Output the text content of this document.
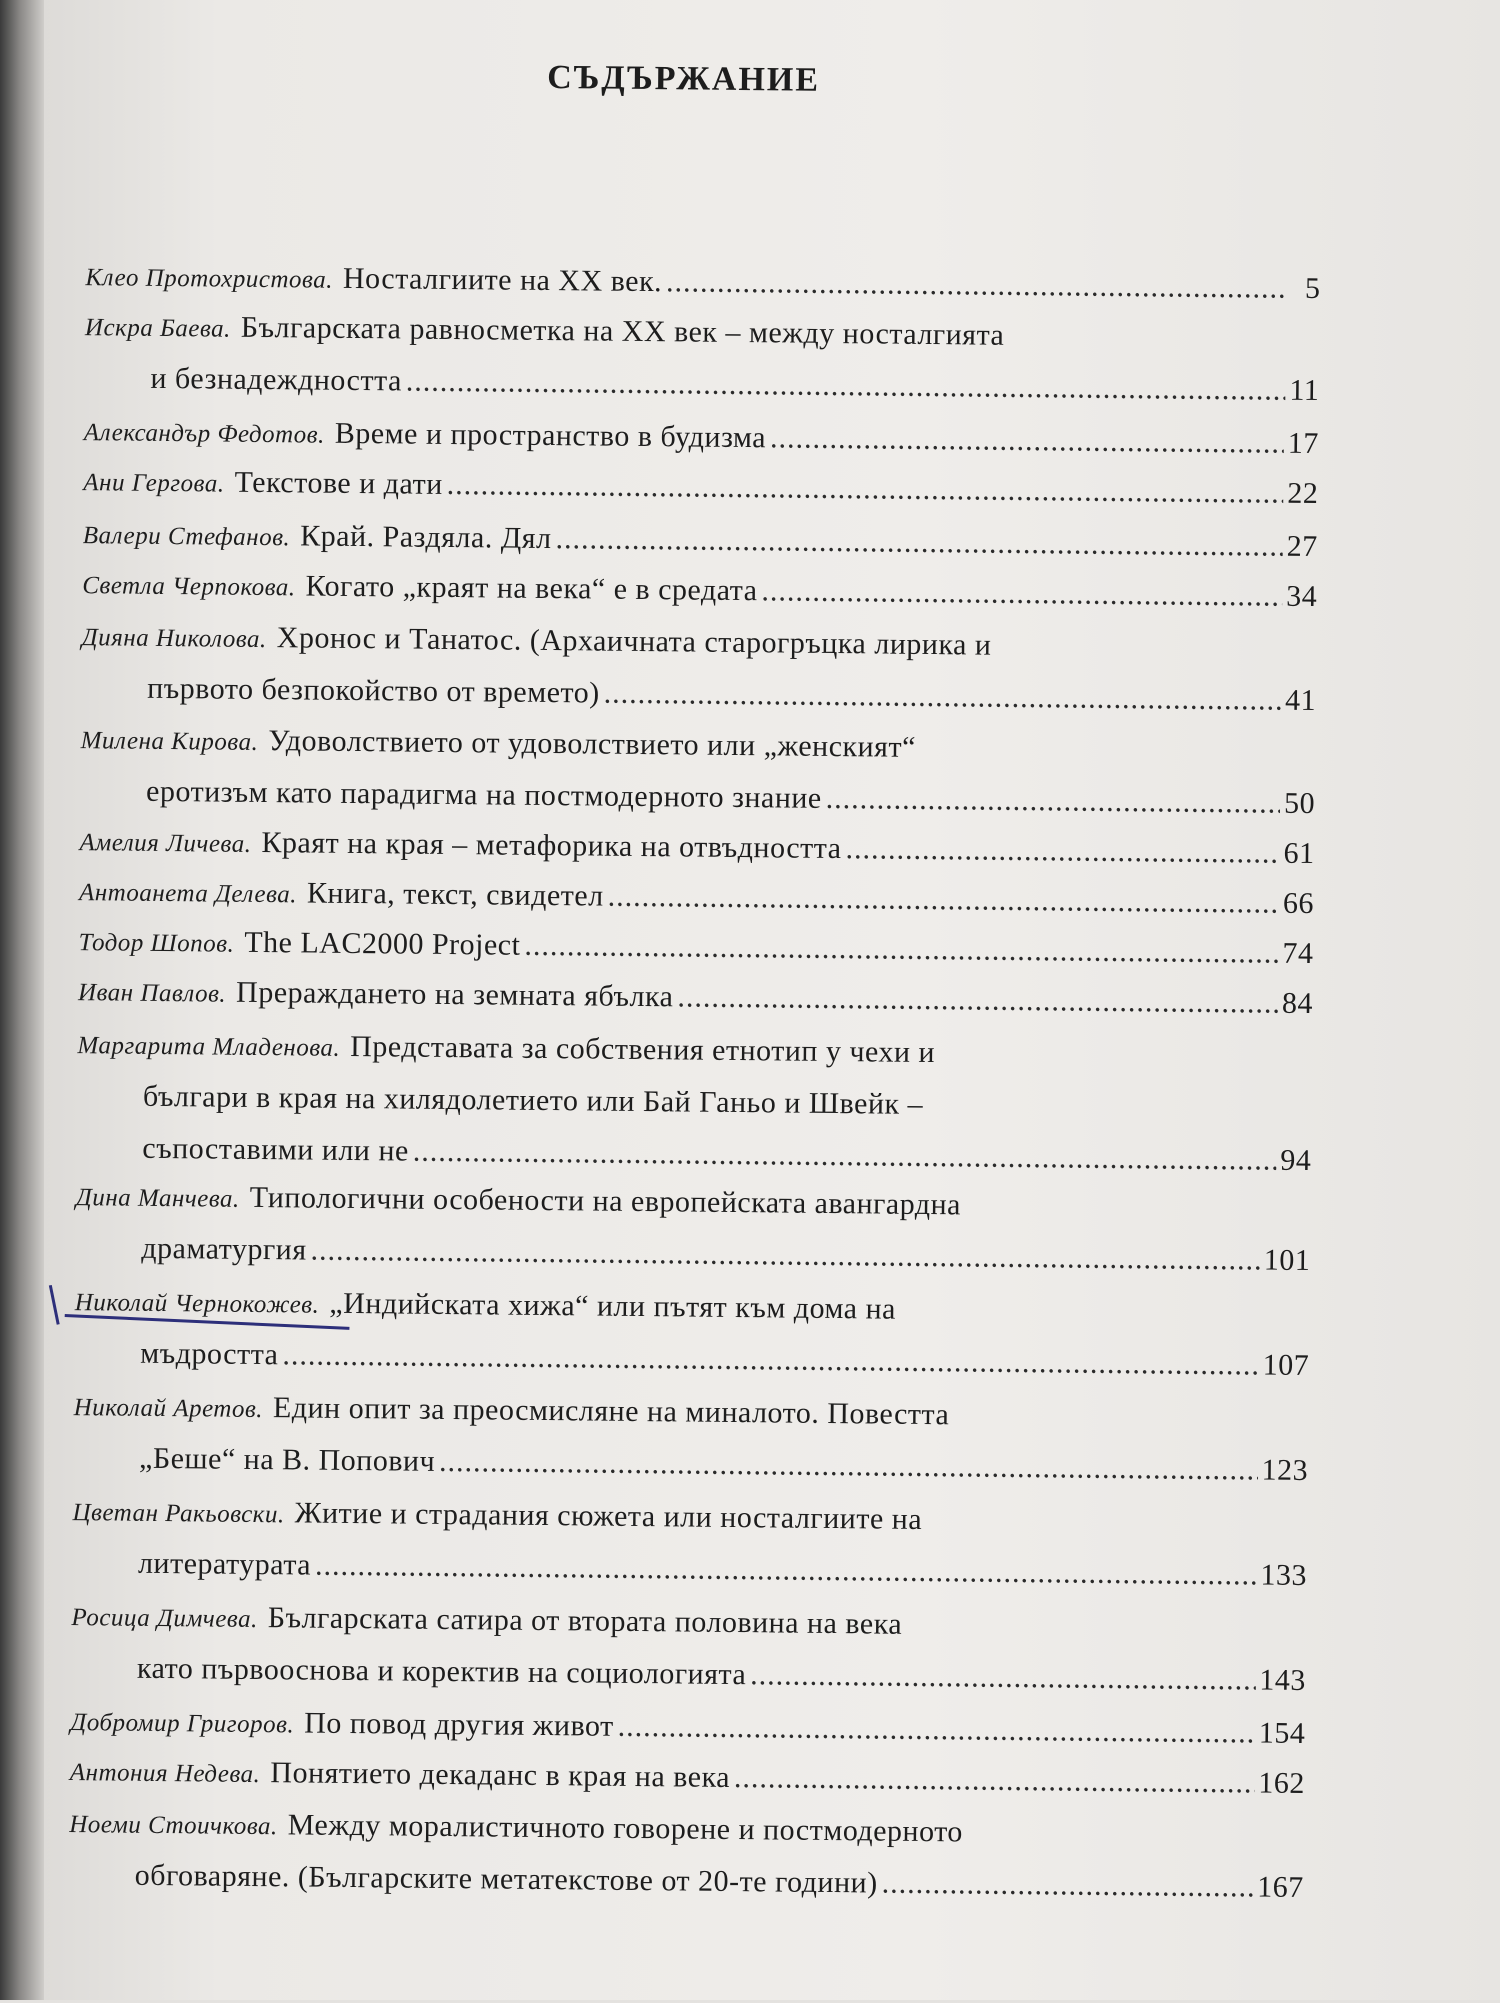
СЪДЪРЖАНИЕ
Клео Протохристова. Носталгиите на XX век. .....	5
Искра Баева. Българската равносметка на XX век – между носталгията
и безнадеждността .....	11
Александър Федотов. Време и пространство в будизма .....	17
Ани Гергова. Текстове и дати .....	22
Валери Стефанов. Край. Раздяла. Дял .....	27
Светла Черпокова. Когато „краят на века“ е в средата .....	34
Дияна Николова. Хронос и Танатос. (Архаичната старогръцка лирика и
първото безпокойство от времето) .....	41
Милена Кирова. Удоволствието от удоволствието или „женският“
еротизъм като парадигма на постмодерното знание .....	50
Амелия Личева. Краят на края – метафорика на отвъдността .....	61
Антоанета Делева. Книга, текст, свидетел .....	66
Тодор Шопов. The LAC2000 Project .....	74
Иван Павлов. Прераждането на земната ябълка .....	84
Маргарита Младенова. Представата за собствения етнотип у чехи и
българи в края на хилядолетието или Бай Ганьо и Швейк –
съпоставими или не .....	94
Дина Манчева. Типологични особености на европейската авангардна
драматургия .....	101
Николай Чернокожев. „Индийската хижа“ или пътят към дома на
мъдростта .....	107
Николай Аретов. Един опит за преосмисляне на миналото. Повестта
„Беше“ на В. Попович .....	123
Цветан Ракьовски. Житие и страдания сюжета или носталгиите на
литературата .....	133
Росица Димчева. Българската сатира от втората половина на века
като първооснова и коректив на социологията .....	143
Добромир Григоров. По повод другия живот .....	154
Антония Недева. Понятието декаданс в края на века .....	162
Ноеми Стоичкова. Между моралистичното говорене и постмодерното
обговаряне. (Българските метатекстове от 20-те години) .....	167
